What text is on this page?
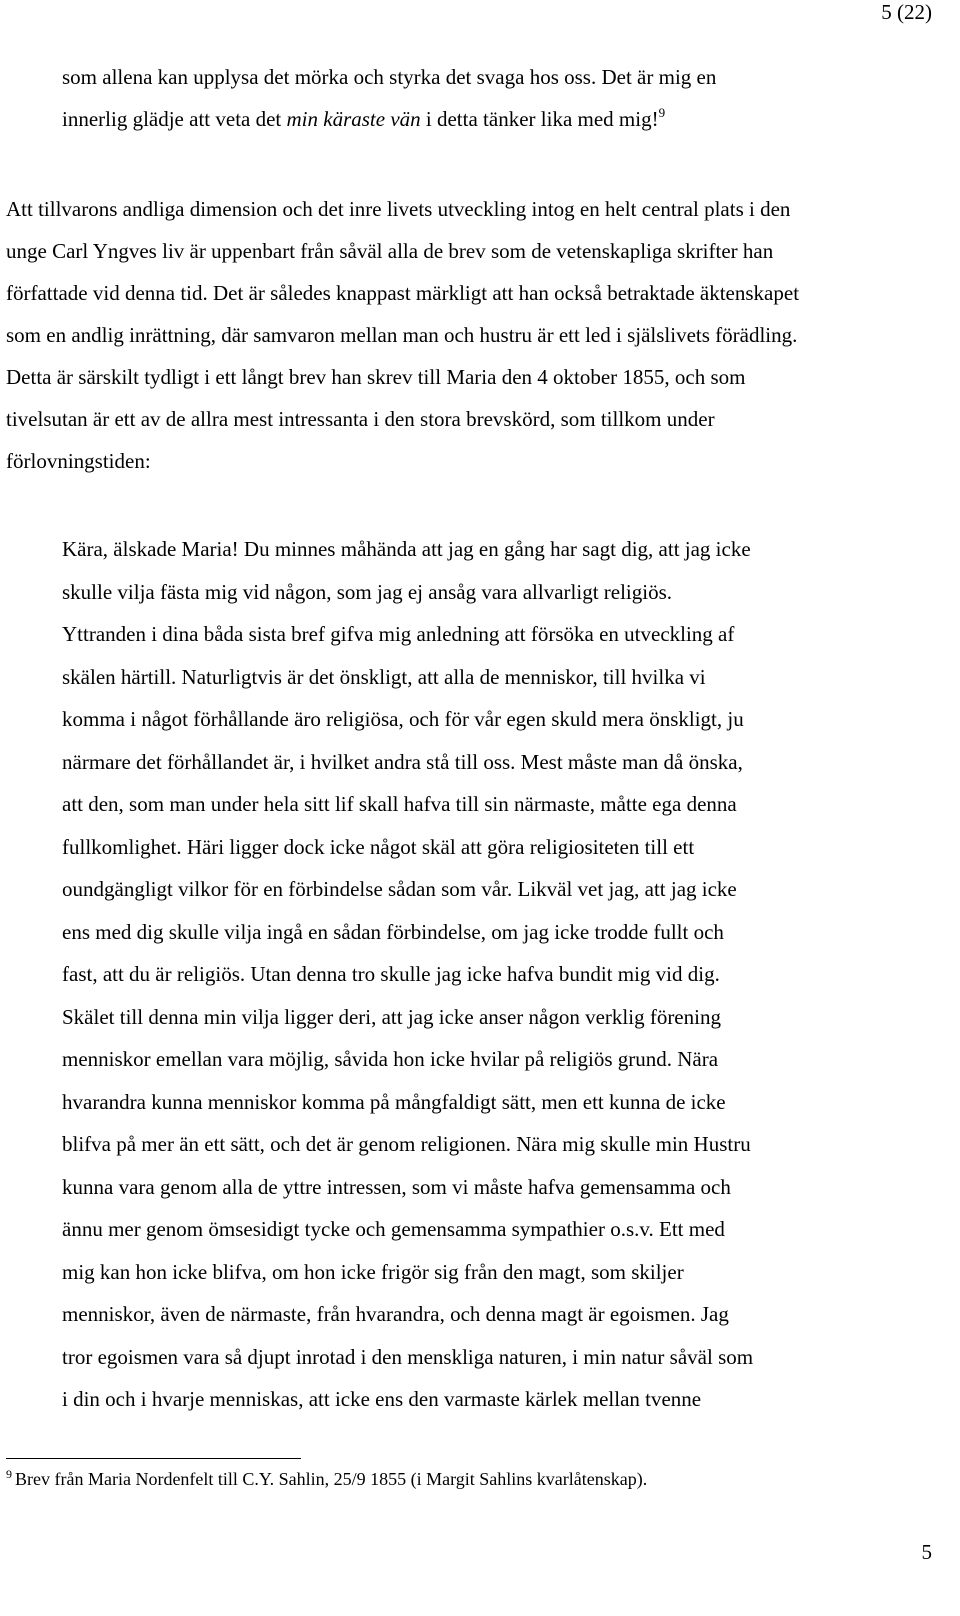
5 (22)

som allena kan upplysa det mörka och styrka det svaga hos oss. Det är mig en
innerlig glädje att veta det min käraste vän i detta tänker lika med mig!$^9$

Att tillvarons andliga dimension och det inre livets utveckling intog en helt central plats i den
unge Carl Yngves liv är uppenbart från såväl alla de brev som de vetenskapliga skrifter han
författade vid denna tid. Det är således knappast märkligt att han också betraktade äktenskapet
som en andlig inrättning, där samvaron mellan man och hustru är ett led i själslivets förädling.
Detta är särskilt tydligt i ett långt brev han skrev till Maria den 4 oktober 1855, och som
tivelsutan är ett av de allra mest intressanta i den stora brevskörd, som tillkom under
förlovningstiden:

Kära, älskade Maria! Du minnes måhända att jag en gång har sagt dig, att jag icke
skulle vilja fästa mig vid någon, som jag ej ansåg vara allvarligt religiös.
Yttranden i dina båda sista bref gifva mig anledning att försöka en utveckling af
skälen härtill. Naturligtvis är det önskligt, att alla de menniskor, till hvilka vi
komma i något förhållande äro religiösa, och för vår egen skuld mera önskligt, ju
närmare det förhållandet är, i hvilket andra stå till oss. Mest måste man då önska,
att den, som man under hela sitt lif skall hafva till sin närmaste, måtte ega denna
fullkomlighet. Häri ligger dock icke något skäl att göra religiositeten till ett
oundgängligt vilkor för en förbindelse sådan som vår. Likväl vet jag, att jag icke
ens med dig skulle vilja ingå en sådan förbindelse, om jag icke trodde fullt och
fast, att du är religiös. Utan denna tro skulle jag icke hafva bundit mig vid dig.
Skälet till denna min vilja ligger deri, att jag icke anser någon verklig förening
menniskor emellan vara möjlig, såvida hon icke hvilar på religiös grund. Nära
hvarandra kunna menniskor komma på mångfaldigt sätt, men ett kunna de icke
blifva på mer än ett sätt, och det är genom religionen. Nära mig skulle min Hustru
kunna vara genom alla de yttre intressen, som vi måste hafva gemensamma och
ännu mer genom ömsesidigt tycke och gemensamma sympathier o.s.v. Ett med
mig kan hon icke blifva, om hon icke frigör sig från den magt, som skiljer
menniskor, även de närmaste, från hvarandra, och denna magt är egoismen. Jag
tror egoismen vara så djupt inrotad i den menskliga naturen, i min natur såväl som
i din och i hvarje menniskas, att icke ens den varmaste kärlek mellan tvenne

$^9$ Brev från Maria Nordenfelt till C.Y. Sahlin, 25/9 1855 (i Margit Sahlins kvarlåtenskap).
5
